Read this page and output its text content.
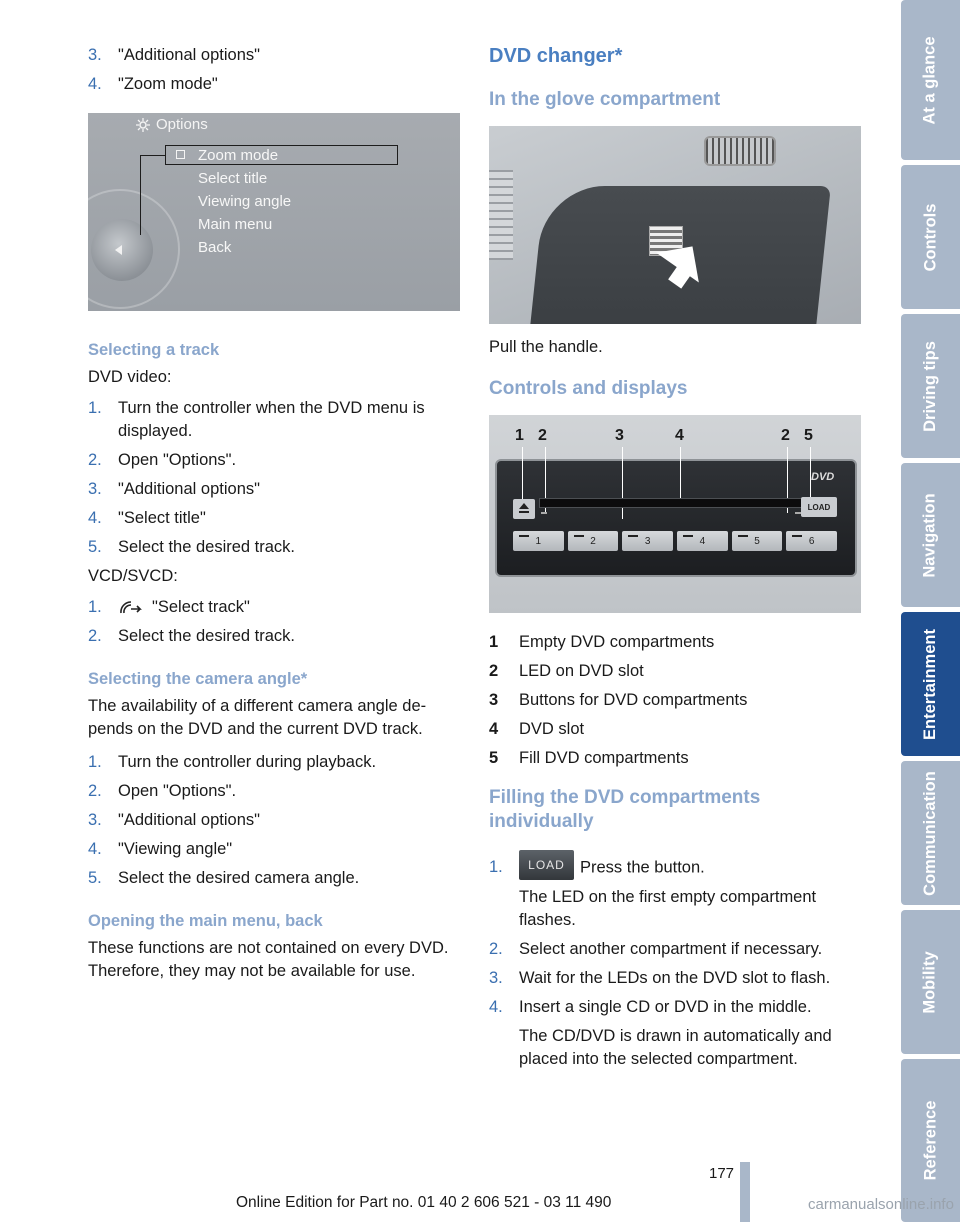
3. "Additional options"
4. "Zoom mode"
Options
Zoom mode
Select title
Viewing angle
Main menu
Back
Selecting a track
DVD video:
1. Turn the controller when the DVD menu is displayed.
2. Open "Options".
3. "Additional options"
4. "Select title"
5. Select the desired track.
VCD/SVCD:
1.	"Select track"
2. Select the desired track.
Selecting the camera angle*
The availability of a different camera angle de-pends on the DVD and the current DVD track.
1. Turn the controller during playback.
2. Open "Options".
3. "Additional options"
4. "Viewing angle"
5. Select the desired camera angle.
Opening the main menu, back
These functions are not contained on every DVD. Therefore, they may not be available for use.
DVD changer*
In the glove compartment
Pull the handle.
Controls and displays
1 2	3	4	2 5
DVD
LOAD
1	2	3	4	5	6
1	Empty DVD compartments
2	LED on DVD slot
3	Buttons for DVD compartments
4	DVD slot
5	Fill DVD compartments
Filling the DVD compartments individually
1.	LOAD Press the button.
The LED on the first empty compartment flashes.
2. Select another compartment if necessary.
3. Wait for the LEDs on the DVD slot to flash.
4. Insert a single CD or DVD in the middle.
The CD/DVD is drawn in automatically and placed into the selected compartment.
At a glance
Controls
Driving tips
Navigation
Entertainment
Communication
Mobility
Reference
177
Online Edition for Part no. 01 40 2 606 521 - 03 11 490	carmanualsonline.info
